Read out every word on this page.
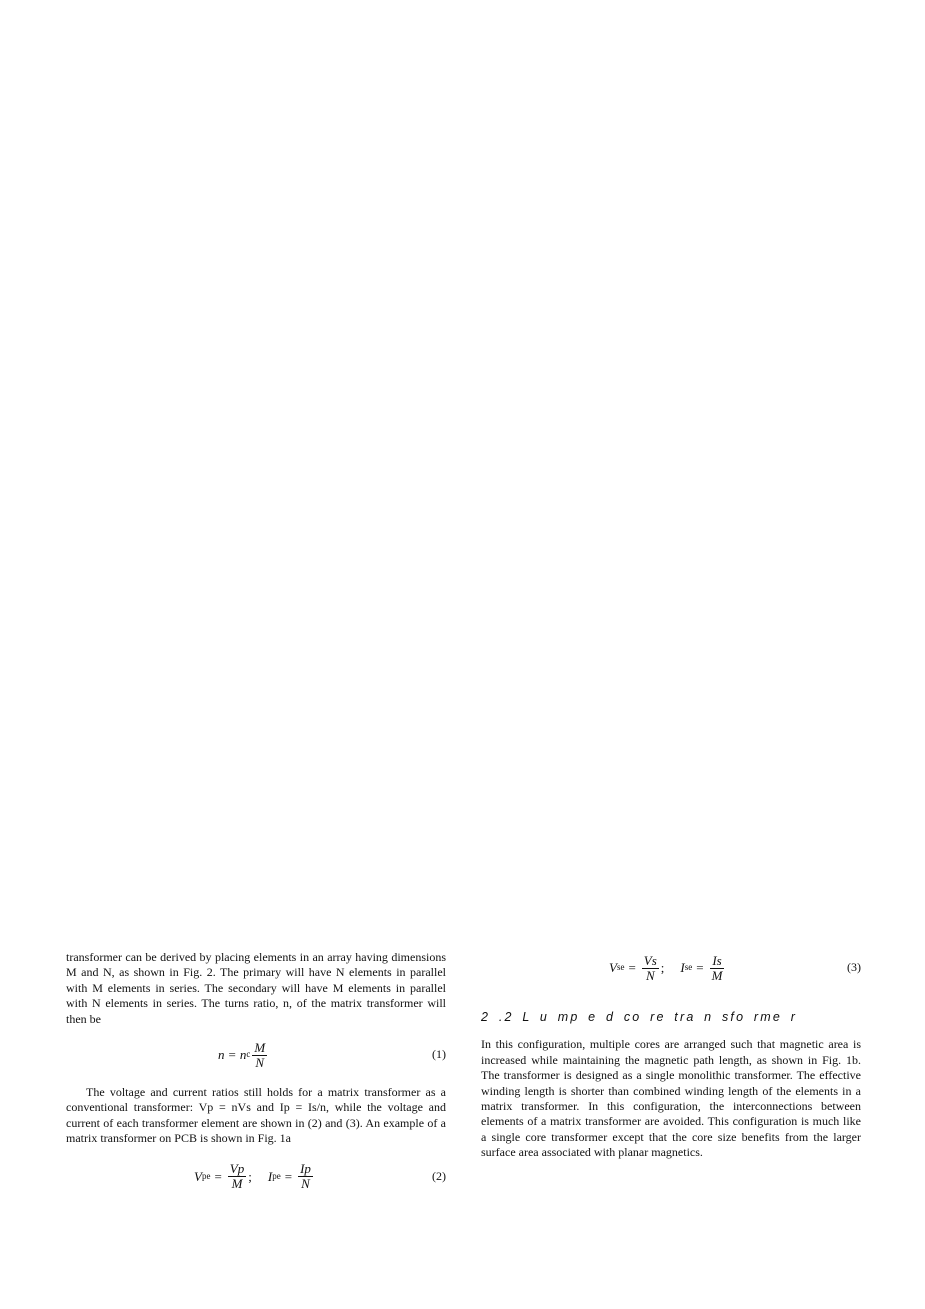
transformer can be derived by placing elements in an array having dimensions M and N, as shown in Fig. 2. The primary will have N elements in parallel with M elements in series. The secondary will have M elements in parallel with N elements in series. The turns ratio, n, of the matrix transformer will then be

n = n c $\frac{M}{N}$	(1)

The voltage and current ratios still holds for a matrix transformer as a conventional transformer: Vp = nVs and Ip = Is/n, while the voltage and current of each transformer element are shown in (2) and (3). An example of a matrix transformer on PCB is shown in Fig. 1a

V pe = $\frac{Vp}{M}$ ; I pe = $\frac{Ip}{N}$	(2)
V se = $\frac{Vs}{N}$ ; I se = $\frac{Is}{M}$	(3)
2 .2 L u mp e d co re tra n sfo rme r

In this configuration, multiple cores are arranged such that magnetic area is increased while maintaining the magnetic path length, as shown in Fig. 1b. The transformer is designed as a single monolithic transformer. The effective winding length is shorter than combined winding length of the elements in a matrix transformer. In this configuration, the interconnections between elements of a matrix transformer are avoided. This configuration is much like a single core transformer except that the core size benefits from the larger surface area associated with planar magnetics.
